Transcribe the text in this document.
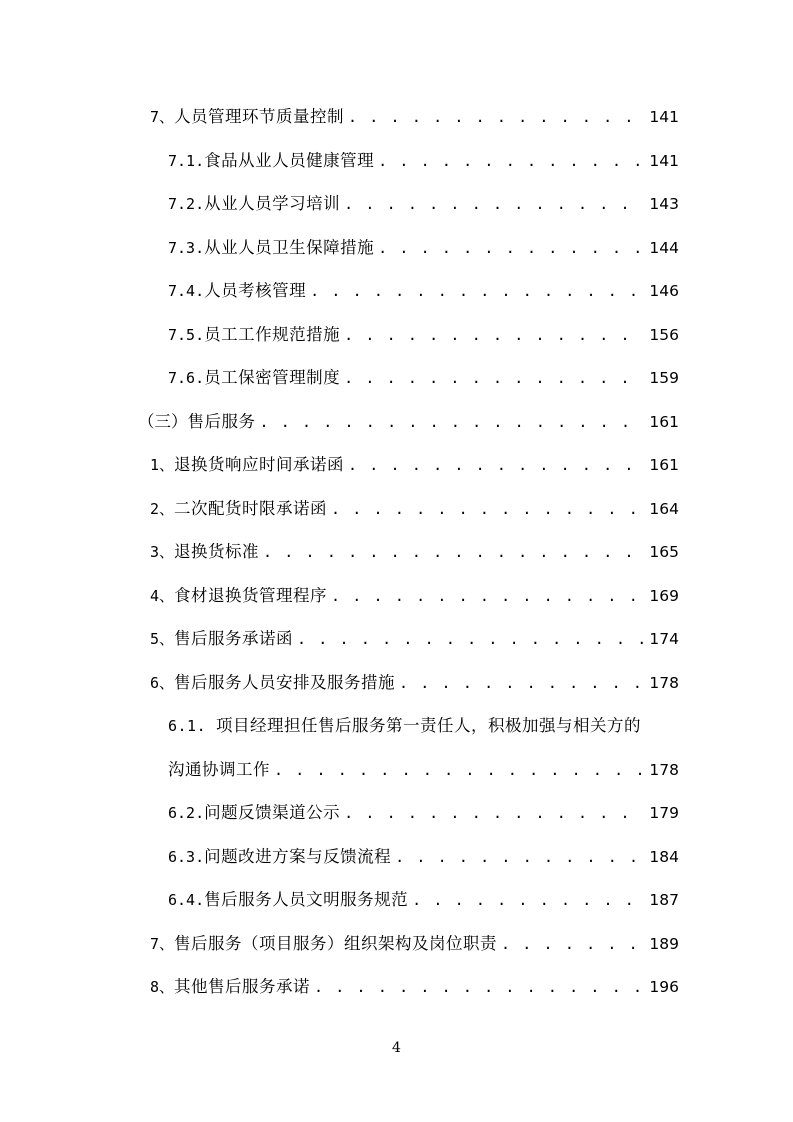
7、 人员管理环节质量控制 . . .	141
7.1. 食品从业人员健康管理 . . .	141
7.2. 从业人员学习培训 . . .	143
7.3. 从业人员卫生保障措施 . . .	144
7.4. 人员考核管理 . . .	146
7.5. 员工工作规范措施 . . .	156
7.6. 员工保密管理制度 . . .	159
（三） 售后服务 . . .	161
1、 退换货响应时间承诺函 . . .	161
2、 二次配货时限承诺函 . . .	164
3、 退换货标准 . . .	165
4、 食材退换货管理程序 . . .	169
5、 售后服务承诺函 . . .	174
6、 售后服务人员安排及服务措施 . . .	178
6.1. 项目经理担任售后服务第一责任人，积极加强与相关方的
沟通协调工作 . . .	178
6.2. 问题反馈渠道公示 . . .	179
6.3. 问题改进方案与反馈流程 . . .	184
6.4. 售后服务人员文明服务规范 . . .	187
7、 售后服务（项目服务）组织架构及岗位职责 . . .	189
8、 其他售后服务承诺 . . .	196
4
